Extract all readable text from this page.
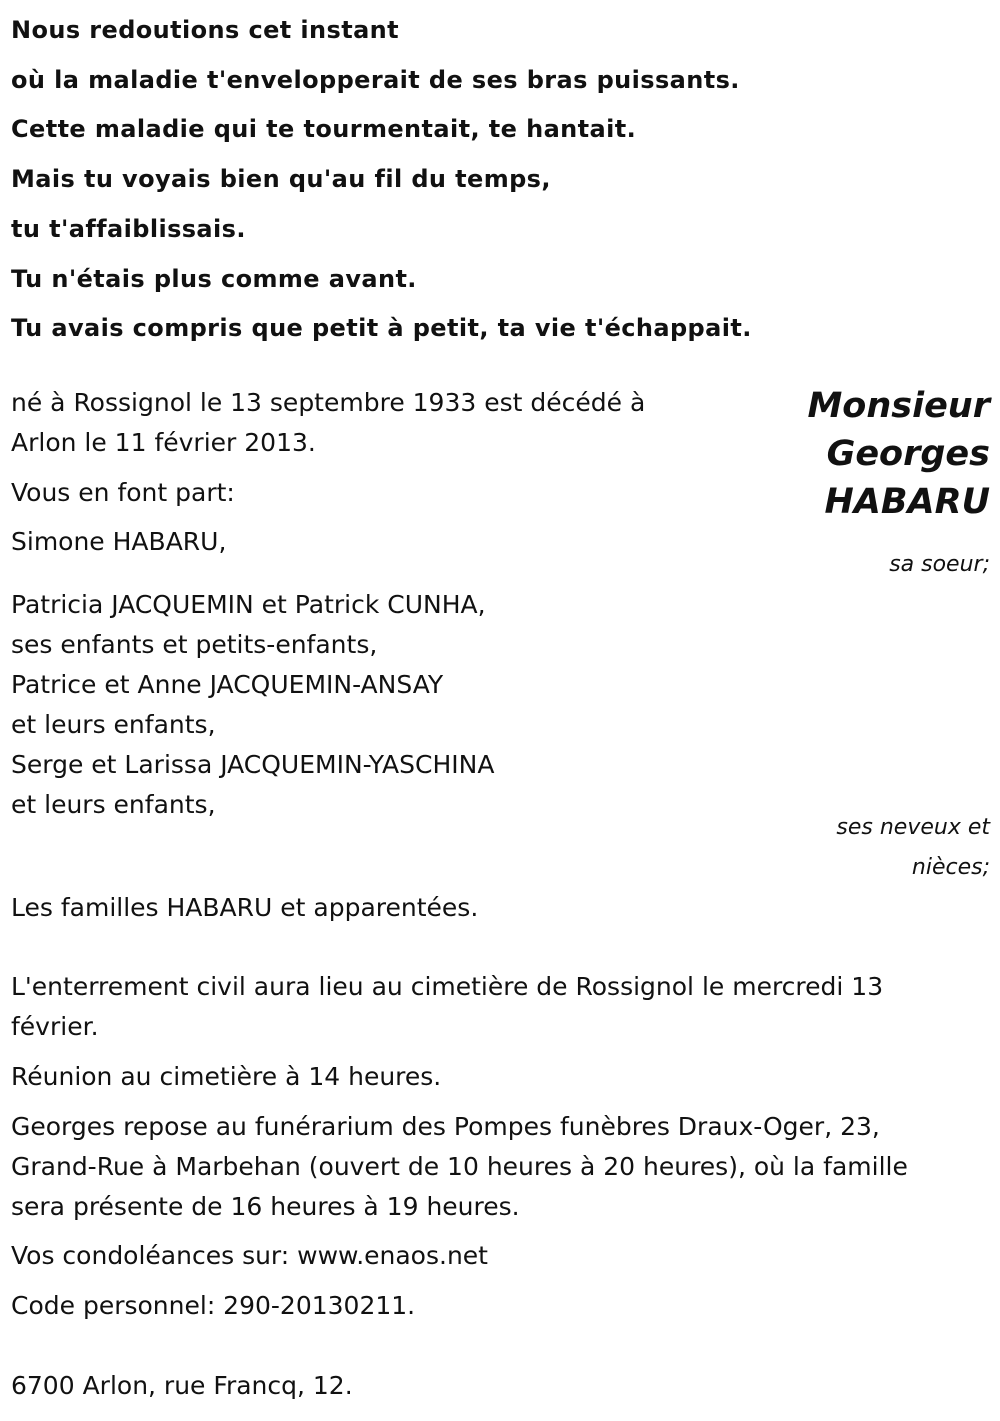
Nous redoutions cet instant
où la maladie t'envelopperait de ses bras puissants.
Cette maladie qui te tourmentait, te hantait.
Mais tu voyais bien qu'au fil du temps,
tu t'affaiblissais.
Tu n'étais plus comme avant.
Tu avais compris que petit à petit, ta vie t'échappait.
Monsieur
Georges
HABARU
né à Rossignol le 13 septembre 1933 est décédé à
Arlon le 11 février 2013.
Vous en font part:
Simone HABARU,
sa soeur;
Patricia JACQUEMIN et Patrick CUNHA,
ses enfants et petits-enfants,
Patrice et Anne JACQUEMIN-ANSAY
et leurs enfants,
Serge et Larissa JACQUEMIN-YASCHINA
et leurs enfants,
ses neveux et
nièces;
Les familles HABARU et apparentées.
L'enterrement civil aura lieu au cimetière de Rossignol le mercredi 13
février.
Réunion au cimetière à 14 heures.
Georges repose au funérarium des Pompes funèbres Draux-Oger, 23,
Grand-Rue à Marbehan (ouvert de 10 heures à 20 heures), où la famille
sera présente de 16 heures à 19 heures.
Vos condoléances sur: www.enaos.net
Code personnel: 290-20130211.
6700 Arlon, rue Francq, 12.
